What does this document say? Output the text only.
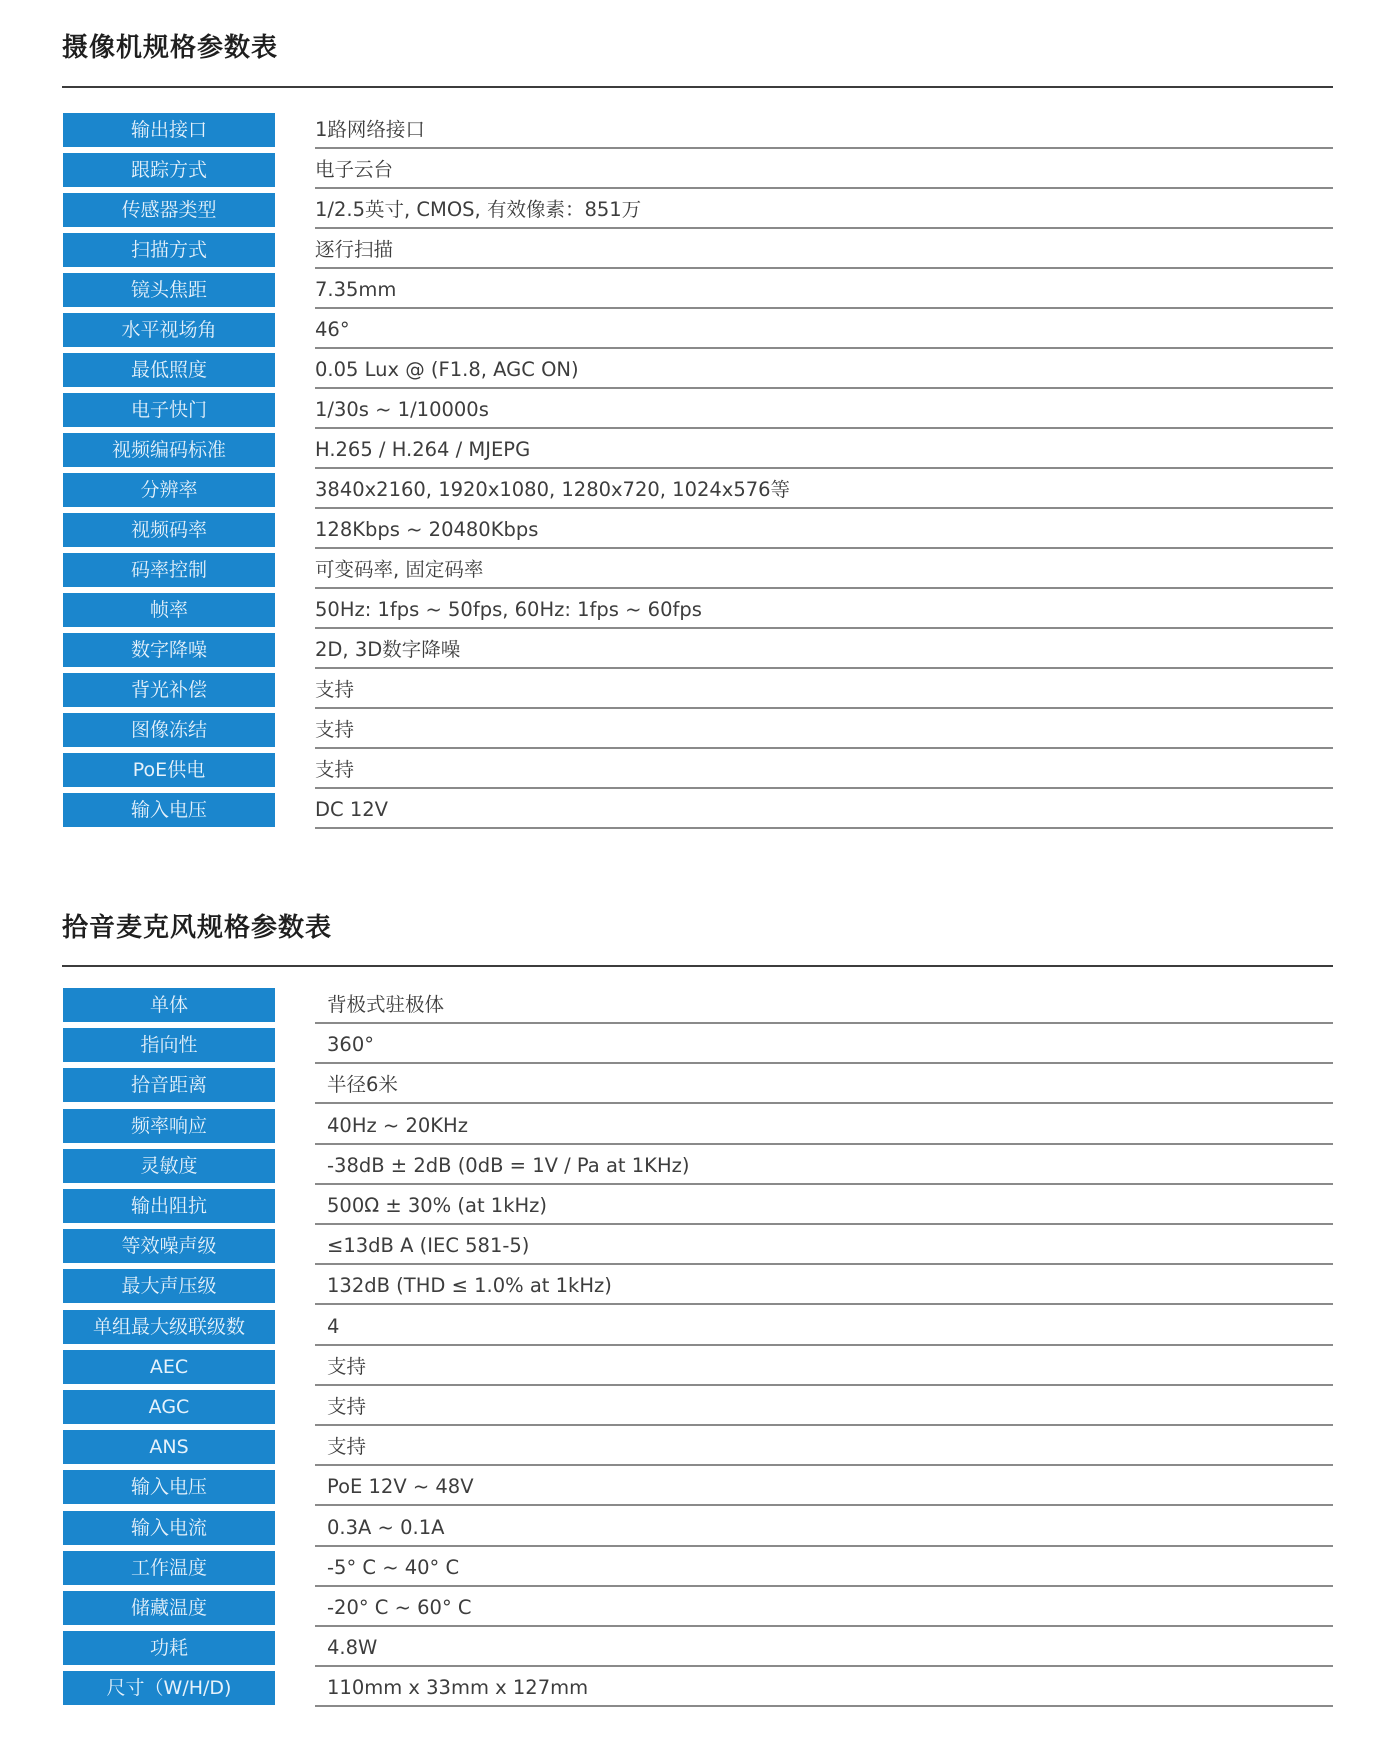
摄像机规格参数表
输出接口	1路网络接口
跟踪方式	电子云台
传感器类型	1/2.5英寸, CMOS, 有效像素：851万
扫描方式	逐行扫描
镜头焦距	7.35mm
水平视场角	46°
最低照度	0.05 Lux @ (F1.8, AGC ON)
电子快门	1/30s ~ 1/10000s
视频编码标准	H.265 / H.264 / MJEPG
分辨率	3840x2160, 1920x1080, 1280x720, 1024x576等
视频码率	128Kbps ~ 20480Kbps
码率控制	可变码率, 固定码率
帧率	50Hz: 1fps ~ 50fps, 60Hz: 1fps ~ 60fps
数字降噪	2D, 3D数字降噪
背光补偿	支持
图像冻结	支持
PoE供电	支持
输入电压	DC 12V
拾音麦克风规格参数表
单体	背极式驻极体
指向性	360°
拾音距离	半径6米
频率响应	40Hz ~ 20KHz
灵敏度	-38dB ± 2dB (0dB = 1V / Pa at 1KHz)
输出阻抗	500Ω ± 30% (at 1kHz)
等效噪声级	≤13dB A (IEC 581-5)
最大声压级	132dB (THD ≤ 1.0% at 1kHz)
单组最大级联级数	4
AEC	支持
AGC	支持
ANS	支持
输入电压	PoE 12V ~ 48V
输入电流	0.3A ~ 0.1A
工作温度	-5° C ~ 40° C
储藏温度	-20° C ~ 60° C
功耗	4.8W
尺寸（W/H/D)	110mm x 33mm x 127mm
